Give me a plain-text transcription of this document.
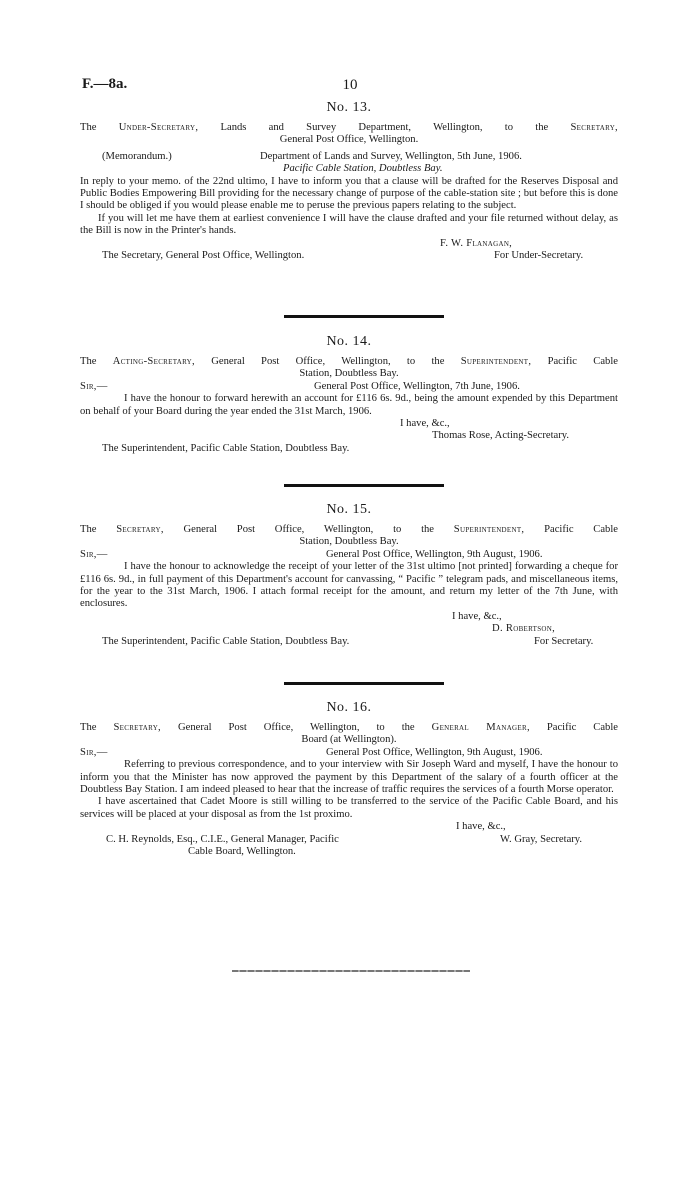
F.—8a.	10
No. 13.
The Under-Secretary, Lands and Survey Department, Wellington, to the Secretary,
General Post Office, Wellington.
(Memorandum.)	Department of Lands and Survey, Wellington, 5th June, 1906.
Pacific Cable Station, Doubtless Bay.
In reply to your memo. of the 22nd ultimo, I have to inform you that a clause will be drafted for the Reserves Disposal and Public Bodies Empowering Bill providing for the necessary change of purpose of the cable-station site ; but before this is done I should be obliged if you would please enable me to peruse the previous papers relating to the subject.
If you will let me have them at earliest convenience I will have the clause drafted and your file returned without delay, as the Bill is now in the Printer's hands.
F. W. Flanagan,
The Secretary, General Post Office, Wellington.	For Under-Secretary.
No. 14.
The Acting-Secretary, General Post Office, Wellington, to the Superintendent, Pacific Cable
Station, Doubtless Bay.
Sir,—	General Post Office, Wellington, 7th June, 1906.
I have the honour to forward herewith an account for £116 6s. 9d., being the amount expended by this Department on behalf of your Board during the year ended the 31st March, 1906.
I have, &c.,
Thomas Rose, Acting-Secretary.
The Superintendent, Pacific Cable Station, Doubtless Bay.
No. 15.
The Secretary, General Post Office, Wellington, to the Superintendent, Pacific Cable
Station, Doubtless Bay.
Sir,—	General Post Office, Wellington, 9th August, 1906.
I have the honour to acknowledge the receipt of your letter of the 31st ultimo [not printed] forwarding a cheque for £116 6s. 9d., in full payment of this Department's account for canvassing, “ Pacific ” telegram pads, and miscellaneous items, for the year to the 31st March, 1906. I attach formal receipt for the amount, and return my letter of the 7th June, with enclosures.
I have, &c.,
D. Robertson,
The Superintendent, Pacific Cable Station, Doubtless Bay.	For Secretary.
No. 16.
The Secretary, General Post Office, Wellington, to the General Manager, Pacific Cable
Board (at Wellington).
Sir,—	General Post Office, Wellington, 9th August, 1906.
Referring to previous correspondence, and to your interview with Sir Joseph Ward and myself, I have the honour to inform you that the Minister has now approved the payment by this Department of the salary of a fourth officer at the Doubtless Bay Station. I am indeed pleased to hear that the increase of traffic requires the services of a fourth Morse operator.
I have ascertained that Cadet Moore is still willing to be transferred to the service of the Pacific Cable Board, and his services will be placed at your disposal as from the 1st proximo.
I have, &c.,
C. H. Reynolds, Esq., C.I.E., General Manager, Pacific	W. Gray, Secretary.
Cable Board, Wellington.
